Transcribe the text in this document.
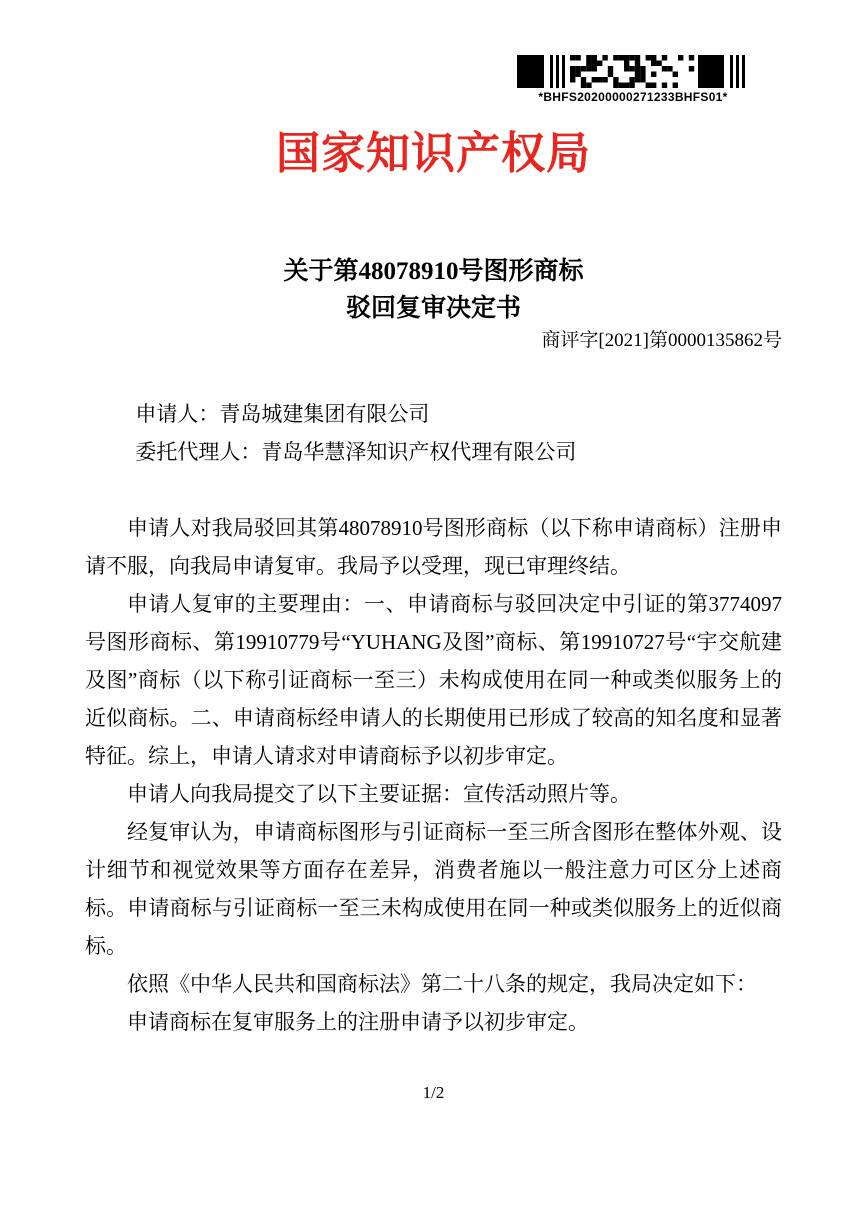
*BHFS20200000271233BHFS01*
国家知识产权局
关于第48078910号图形商标
驳回复审决定书
商评字[2021]第0000135862号

申请人：青岛城建集团有限公司

委托代理人：青岛华慧泽知识产权代理有限公司

申请人对我局驳回其第48078910号图形商标（以下称申请商标）注册申请不服，向我局申请复审。我局予以受理，现已审理终结。

申请人复审的主要理由：一、申请商标与驳回决定中引证的第3774097号图形商标、第19910779号“YUHANG及图”商标、第19910727号“宇交航建及图”商标（以下称引证商标一至三）未构成使用在同一种或类似服务上的近似商标。二、申请商标经申请人的长期使用已形成了较高的知名度和显著特征。综上，申请人请求对申请商标予以初步审定。

申请人向我局提交了以下主要证据：宣传活动照片等。

经复审认为，申请商标图形与引证商标一至三所含图形在整体外观、设计细节和视觉效果等方面存在差异，消费者施以一般注意力可区分上述商标。申请商标与引证商标一至三未构成使用在同一种或类似服务上的近似商标。

依照《中华人民共和国商标法》第二十八条的规定，我局决定如下：

申请商标在复审服务上的注册申请予以初步审定。

1/2
